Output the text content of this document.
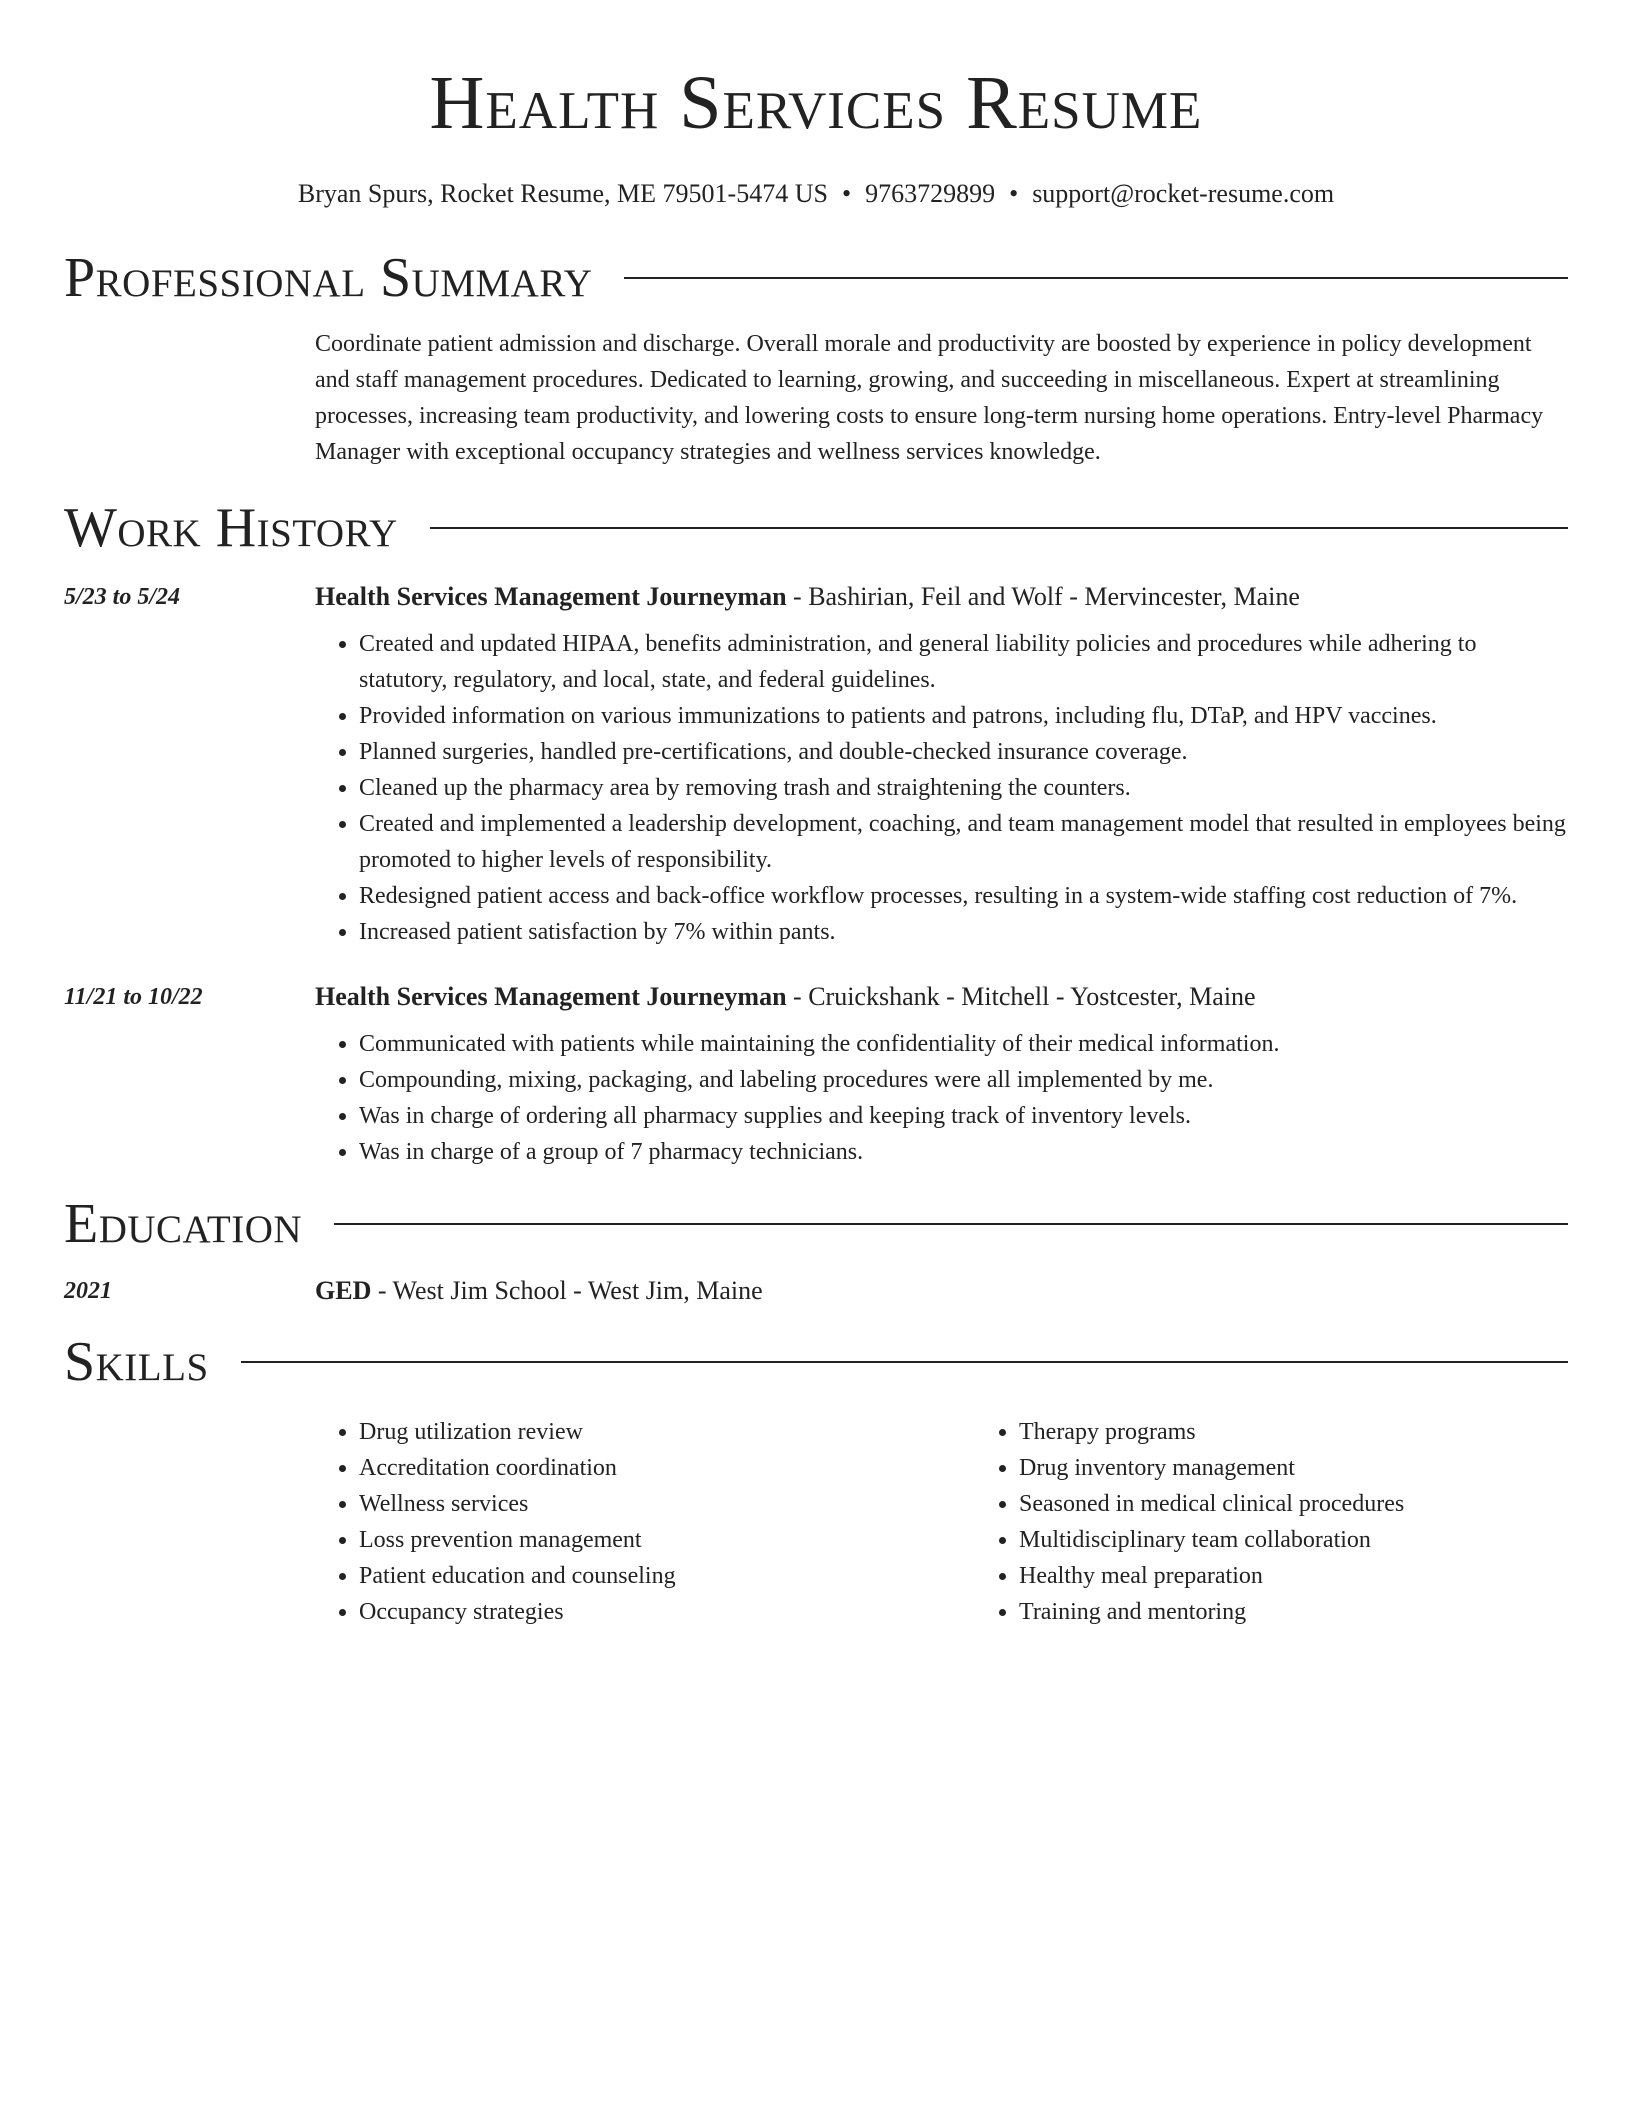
Health Services Resume
Bryan Spurs, Rocket Resume, ME 79501-5474 US • 9763729899 • support@rocket-resume.com
Professional Summary
Coordinate patient admission and discharge. Overall morale and productivity are boosted by experience in policy development and staff management procedures. Dedicated to learning, growing, and succeeding in miscellaneous. Expert at streamlining processes, increasing team productivity, and lowering costs to ensure long-term nursing home operations. Entry-level Pharmacy Manager with exceptional occupancy strategies and wellness services knowledge.
Work History
5/23 to 5/24	Health Services Management Journeyman - Bashirian, Feil and Wolf - Mervincester, Maine
• Created and updated HIPAA, benefits administration, and general liability policies and procedures while adhering to statutory, regulatory, and local, state, and federal guidelines.
• Provided information on various immunizations to patients and patrons, including flu, DTaP, and HPV vaccines.
• Planned surgeries, handled pre-certifications, and double-checked insurance coverage.
• Cleaned up the pharmacy area by removing trash and straightening the counters.
• Created and implemented a leadership development, coaching, and team management model that resulted in employees being promoted to higher levels of responsibility.
• Redesigned patient access and back-office workflow processes, resulting in a system-wide staffing cost reduction of 7%.
• Increased patient satisfaction by 7% within pants.
11/21 to 10/22	Health Services Management Journeyman - Cruickshank - Mitchell - Yostcester, Maine
• Communicated with patients while maintaining the confidentiality of their medical information.
• Compounding, mixing, packaging, and labeling procedures were all implemented by me.
• Was in charge of ordering all pharmacy supplies and keeping track of inventory levels.
• Was in charge of a group of 7 pharmacy technicians.
Education
2021	GED - West Jim School - West Jim, Maine
Skills
• Drug utilization review
• Accreditation coordination
• Wellness services
• Loss prevention management
• Patient education and counseling
• Occupancy strategies
• Therapy programs
• Drug inventory management
• Seasoned in medical clinical procedures
• Multidisciplinary team collaboration
• Healthy meal preparation
• Training and mentoring
